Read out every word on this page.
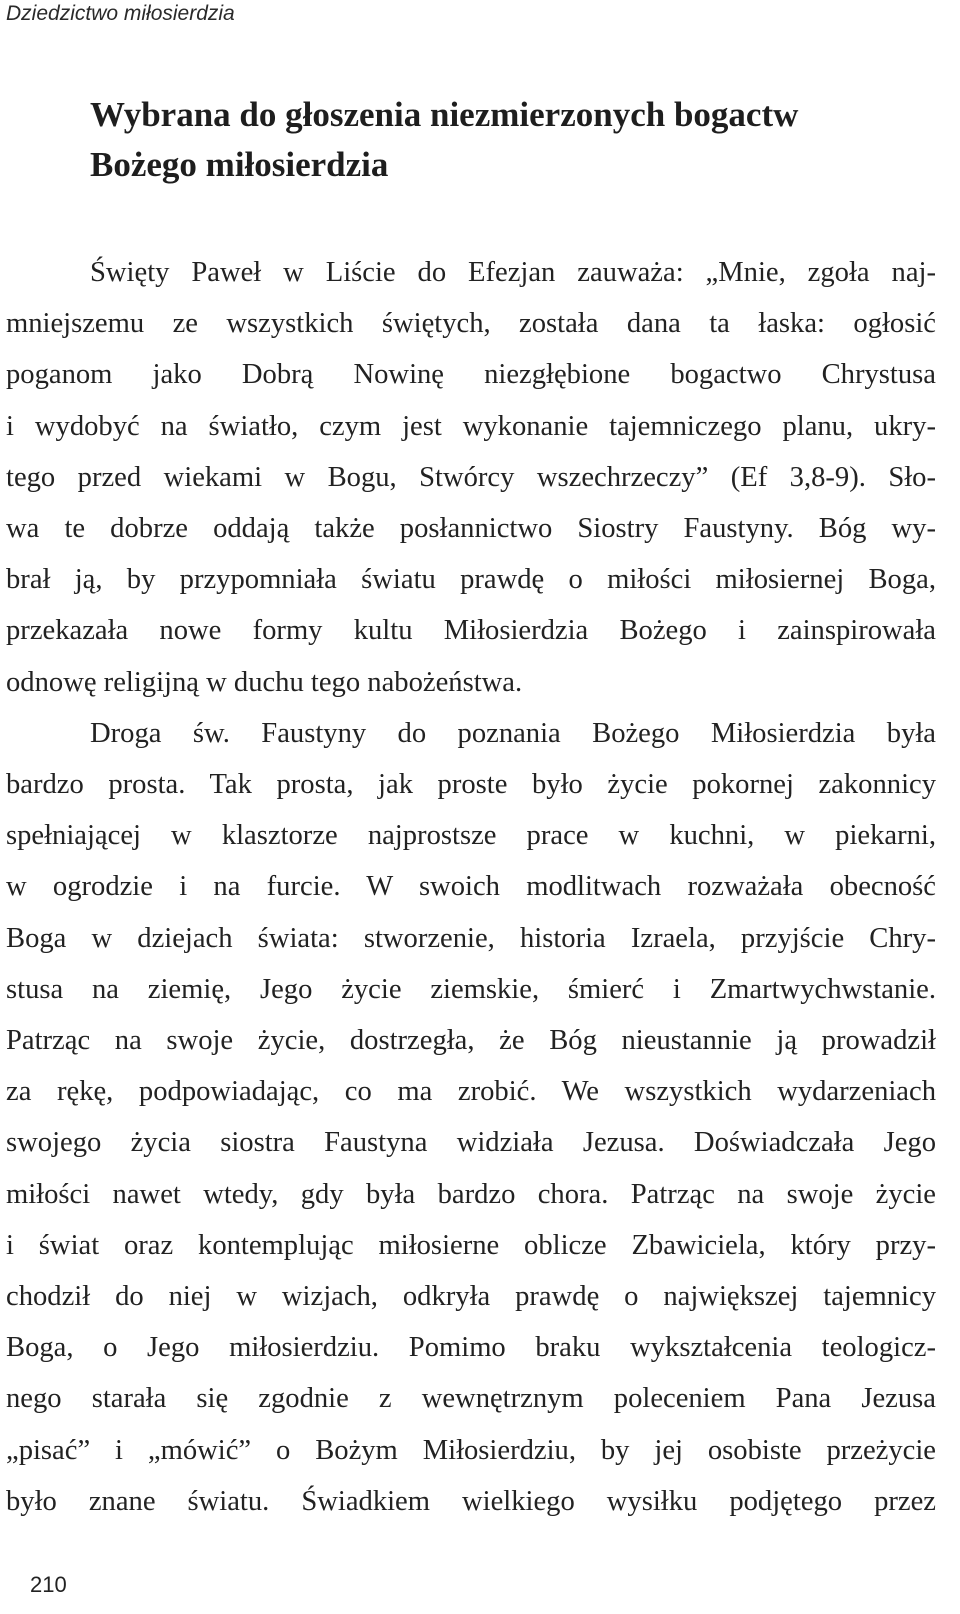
Dziedzictwo miłosierdzia
Wybrana do głoszenia niezmierzonych bogactw
Bożego miłosierdzia
Święty Paweł w Liście do Efezjan zauważa: „Mnie, zgoła naj-
mniejszemu ze wszystkich świętych, została dana ta łaska: ogłosić
poganom jako Dobrą Nowinę niezgłębione bogactwo Chrystusa
i wydobyć na światło, czym jest wykonanie tajemniczego planu, ukry-
tego przed wiekami w Bogu, Stwórcy wszechrzeczy” (Ef 3,8-9). Sło-
wa te dobrze oddają także posłannictwo Siostry Faustyny. Bóg wy-
brał ją, by przypomniała światu prawdę o miłości miłosiernej Boga,
przekazała nowe formy kultu Miłosierdzia Bożego i zainspirowała
odnowę religijną w duchu tego nabożeństwa.
Droga św. Faustyny do poznania Bożego Miłosierdzia była
bardzo prosta. Tak prosta, jak proste było życie pokornej zakonnicy
spełniającej w klasztorze najprostsze prace w kuchni, w piekarni,
w ogrodzie i na furcie. W swoich modlitwach rozważała obecność
Boga w dziejach świata: stworzenie, historia Izraela, przyjście Chry-
stusa na ziemię, Jego życie ziemskie, śmierć i Zmartwychwstanie.
Patrząc na swoje życie, dostrzegła, że Bóg nieustannie ją prowadził
za rękę, podpowiadając, co ma zrobić. We wszystkich wydarzeniach
swojego życia siostra Faustyna widziała Jezusa. Doświadczała Jego
miłości nawet wtedy, gdy była bardzo chora. Patrząc na swoje życie
i świat oraz kontemplując miłosierne oblicze Zbawiciela, który przy-
chodził do niej w wizjach, odkryła prawdę o największej tajemnicy
Boga, o Jego miłosierdziu. Pomimo braku wykształcenia teologicz-
nego starała się zgodnie z wewnętrznym poleceniem Pana Jezusa
„pisać” i „mówić” o Bożym Miłosierdziu, by jej osobiste przeżycie
było znane światu. Świadkiem wielkiego wysiłku podjętego przez
210
